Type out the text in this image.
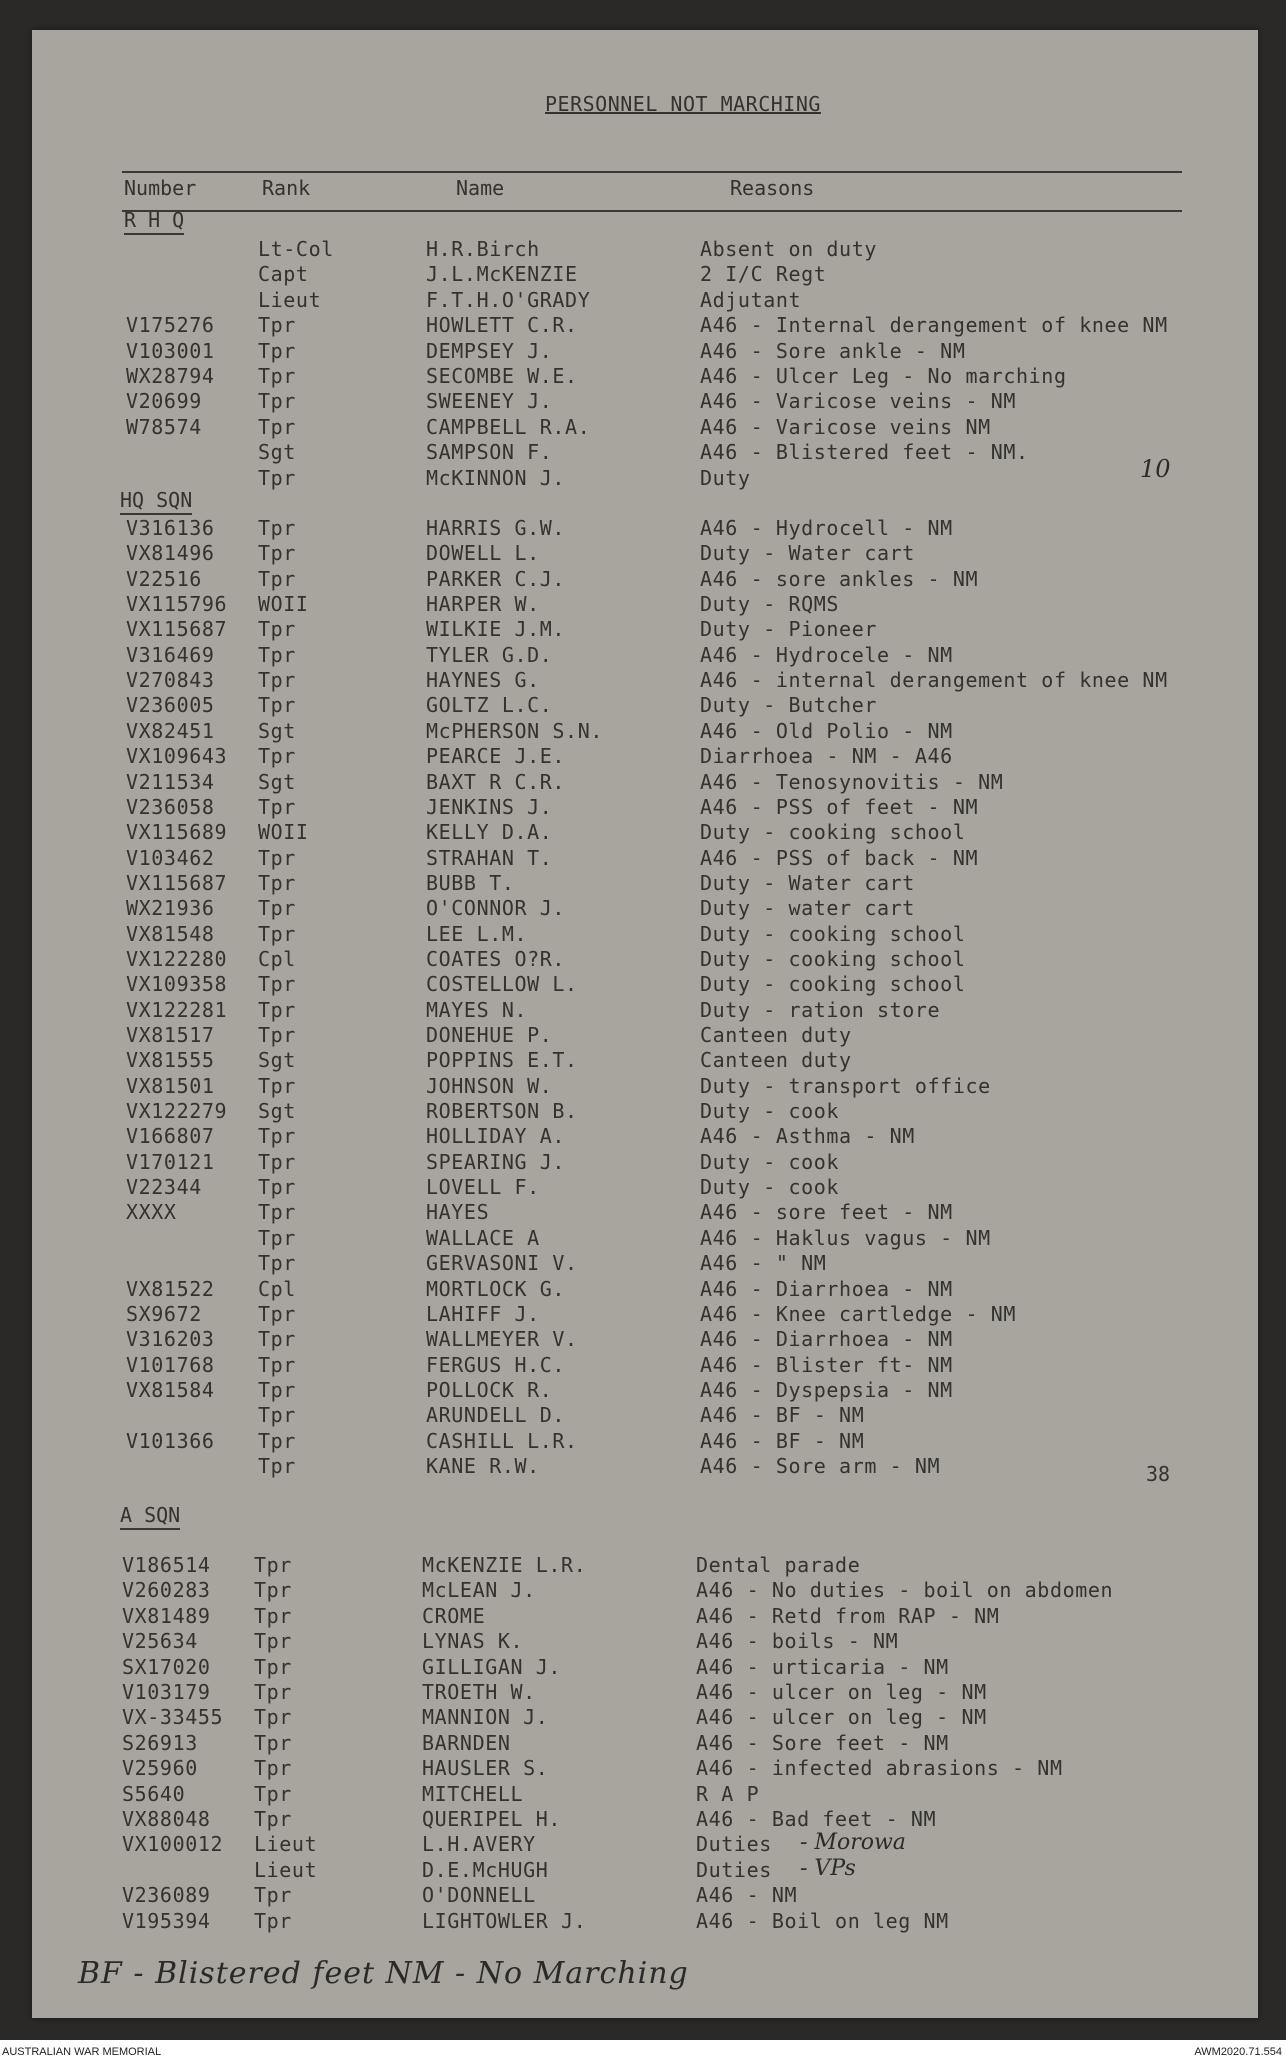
PERSONNEL NOT MARCHING
Number	Rank	Name	Reasons
R H Q
Lt-Col	H.R.Birch	Absent on duty
Capt	J.L.McKENZIE	2 I/C Regt
Lieut	F.T.H.O'GRADY	Adjutant
V175276 Tpr	HOWLETT C.R.	A46 - Internal derangement of knee NM
V103001 Tpr	DEMPSEY J.	A46 - Sore ankle - NM
WX28794 Tpr	SECOMBE W.E.	A46 - Ulcer Leg - No marching
V20699	Tpr	SWEENEY J.	A46 - Varicose veins - NM
W78574	Tpr	CAMPBELL R.A.	A46 - Varicose veins NM
Sgt	SAMPSON F.	A46 - Blistered feet - NM.
Tpr	McKINNON J.	Duty	10
HQ SQN
V316136 Tpr	HARRIS G.W.	A46 - Hydrocell - NM
VX81496 Tpr	DOWELL L.	Duty - Water cart
V22516	Tpr	PARKER C.J.	A46 - sore ankles - NM
VX115796 WOII	HARPER W.	Duty - RQMS
VX115687 Tpr	WILKIE J.M.	Duty - Pioneer
V316469 Tpr	TYLER G.D.	A46 - Hydrocele - NM
V270843 Tpr	HAYNES G.	A46 - internal derangement of knee NM
V236005 Tpr	GOLTZ L.C.	Duty - Butcher
VX82451 Sgt	McPHERSON S.N.	A46 - Old Polio - NM
VX109643 Tpr	PEARCE J.E.	Diarrhoea - NM - A46
V211534 Sgt	BAXT R C.R.	A46 - Tenosynovitis - NM
V236058 Tpr	JENKINS J.	A46 - PSS of feet - NM
VX115689 WOII	KELLY D.A.	Duty - cooking school
V103462 Tpr	STRAHAN T.	A46 - PSS of back - NM
VX115687 Tpr	BUBB T.	Duty - Water cart
WX21936 Tpr	O'CONNOR J.	Duty - water cart
VX81548 Tpr	LEE L.M.	Duty - cooking school
VX122280 Cpl	COATES O?R.	Duty - cooking school
VX109358 Tpr	COSTELLOW L.	Duty - cooking school
VX122281 Tpr	MAYES N.	Duty - ration store
VX81517 Tpr	DONEHUE P.	Canteen duty
VX81555 Sgt	POPPINS E.T.	Canteen duty
VX81501 Tpr	JOHNSON W.	Duty - transport office
VX122279 Sgt	ROBERTSON B.	Duty - cook
V166807 Tpr	HOLLIDAY A.	A46 - Asthma - NM
V170121 Tpr	SPEARING J.	Duty - cook
V22344	Tpr	LOVELL F.	Duty - cook
XXXX	Tpr	HAYES	A46 - sore feet - NM
Tpr	WALLACE A	A46 - Haklus vagus - NM
Tpr	GERVASONI V.	A46 - " NM
VX81522 Cpl	MORTLOCK G.	A46 - Diarrhoea - NM
SX9672	Tpr	LAHIFF J.	A46 - Knee cartledge - NM
V316203 Tpr	WALLMEYER V.	A46 - Diarrhoea - NM
V101768 Tpr	FERGUS H.C.	A46 - Blister ft- NM
VX81584 Tpr	POLLOCK R.	A46 - Dyspepsia - NM
Tpr	ARUNDELL D.	A46 - BF - NM
V101366 Tpr	CASHILL L.R.	A46 - BF - NM
Tpr	KANE R.W.	A46 - Sore arm - NM	38
A SQN
V186514 Tpr	McKENZIE L.R.	Dental parade
V260283 Tpr	McLEAN J.	A46 - No duties - boil on abdomen
VX81489 Tpr	CROME	A46 - Retd from RAP - NM
V25634	Tpr	LYNAS K.	A46 - boils - NM
SX17020 Tpr	GILLIGAN J.	A46 - urticaria - NM
V103179 Tpr	TROETH W.	A46 - ulcer on leg - NM
VX-33455 Tpr	MANNION J.	A46 - ulcer on leg - NM
S26913	Tpr	BARNDEN	A46 - Sore feet - NM
V25960	Tpr	HAUSLER S.	A46 - infected abrasions - NM
S5640	Tpr	MITCHELL	R A P
VX88048 Tpr	QUERIPEL H.	A46 - Bad feet - NM
VX100012 Lieut	L.H.AVERY	Duties
Lieut	D.E.McHUGH	Duties
V236089 Tpr	O'DONNELL	A46 - NM
V195394 Tpr	LIGHTOWLER J.	A46 - Boil on leg NM
- Morowa
- VPs
BF - Blistered feet NM - No Marching
AUSTRALIAN WAR MEMORIAL	AWM2020.71.554
